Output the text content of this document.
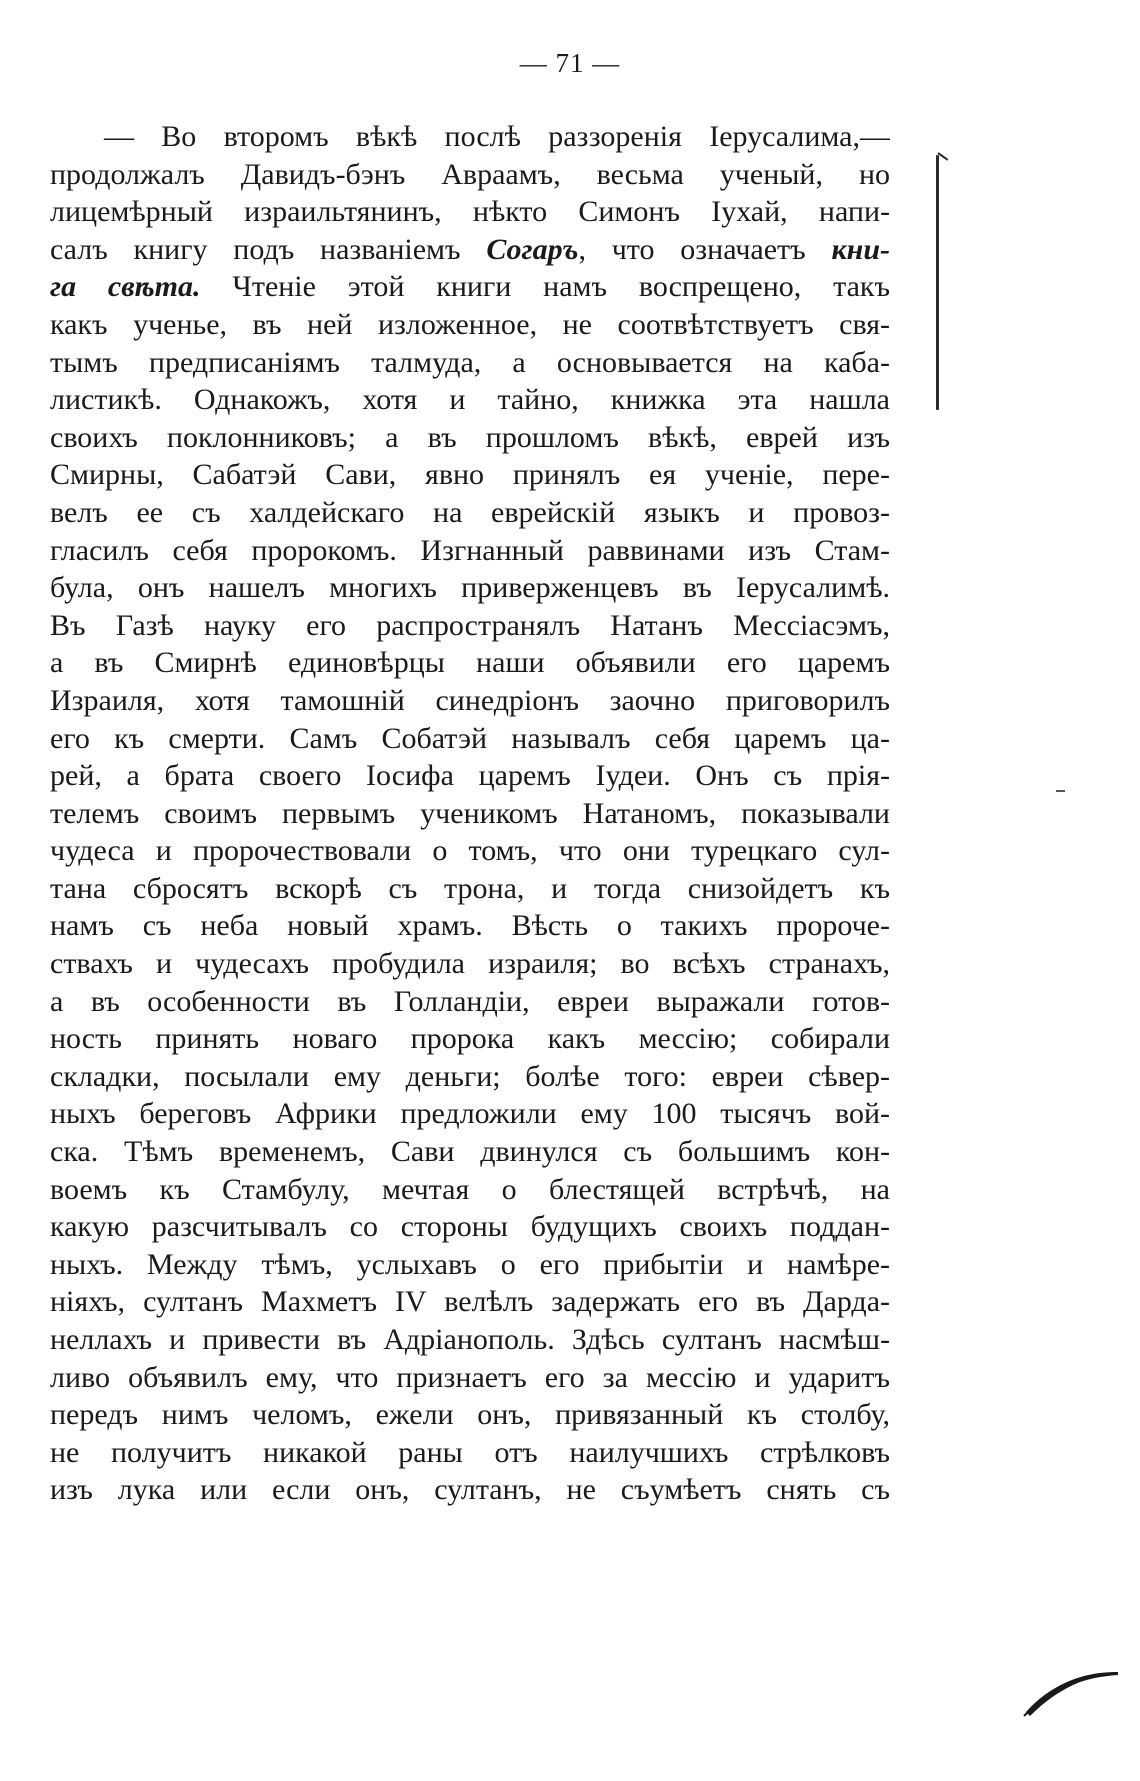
— 71 —
— Во второмъ вѣкѣ послѣ раззоренія Іерусалима,—
продолжалъ Давидъ-бэнъ Авраамъ, весьма ученый, но
лицемѣрный израильтянинъ, нѣкто Симонъ Іухай, напи-
салъ книгу подъ названіемъ Согаръ, что означаетъ кни-
га свѣта. Чтеніе этой книги намъ воспрещено, такъ
какъ ученье, въ ней изложенное, не соотвѣтствуетъ свя-
тымъ предписаніямъ талмуда, а основывается на каба-
листикѣ. Однакожъ, хотя и тайно, книжка эта нашла
своихъ поклонниковъ; а въ прошломъ вѣкѣ, еврей изъ
Смирны, Сабатэй Сави, явно принялъ ея ученіе, пере-
велъ ее съ халдейскаго на еврейскій языкъ и провоз-
гласилъ себя пророкомъ. Изгнанный раввинами изъ Стам-
була, онъ нашелъ многихъ приверженцевъ въ Іерусалимѣ.
Въ Газѣ науку его распространялъ Натанъ Мессіасэмъ,
а въ Смирнѣ единовѣрцы наши объявили его царемъ
Израиля, хотя тамошній синедріонъ заочно приговорилъ
его къ смерти. Самъ Собатэй называлъ себя царемъ ца-
рей, а брата своего Іосифа царемъ Іудеи. Онъ съ прія-
телемъ своимъ первымъ ученикомъ Натаномъ, показывали
чудеса и пророчествовали о томъ, что они турецкаго сул-
тана сбросятъ вскорѣ съ трона, и тогда снизойдетъ къ
намъ съ неба новый храмъ. Вѣсть о такихъ пророче-
ствахъ и чудесахъ пробудила израиля; во всѣхъ странахъ,
а въ особенности въ Голландіи, евреи выражали готов-
ность принять новаго пророка какъ мессію; собирали
складки, посылали ему деньги; болѣе того: евреи сѣвер-
ныхъ береговъ Африки предложили ему 100 тысячъ вой-
ска. Тѣмъ временемъ, Сави двинулся съ большимъ кон-
воемъ къ Стамбулу, мечтая о блестящей встрѣчѣ, на
какую разсчитывалъ со стороны будущихъ своихъ поддан-
ныхъ. Между тѣмъ, услыхавъ о его прибытіи и намѣре-
ніяхъ, султанъ Махметъ IV велѣлъ задержать его въ Дарда-
неллахъ и привести въ Адріанополь. Здѣсь султанъ насмѣш-
ливо объявилъ ему, что признаетъ его за мессію и ударитъ
передъ нимъ челомъ, ежели онъ, привязанный къ столбу,
не получитъ никакой раны отъ наилучшихъ стрѣлковъ
изъ лука или если онъ, султанъ, не съумѣетъ снять съ
